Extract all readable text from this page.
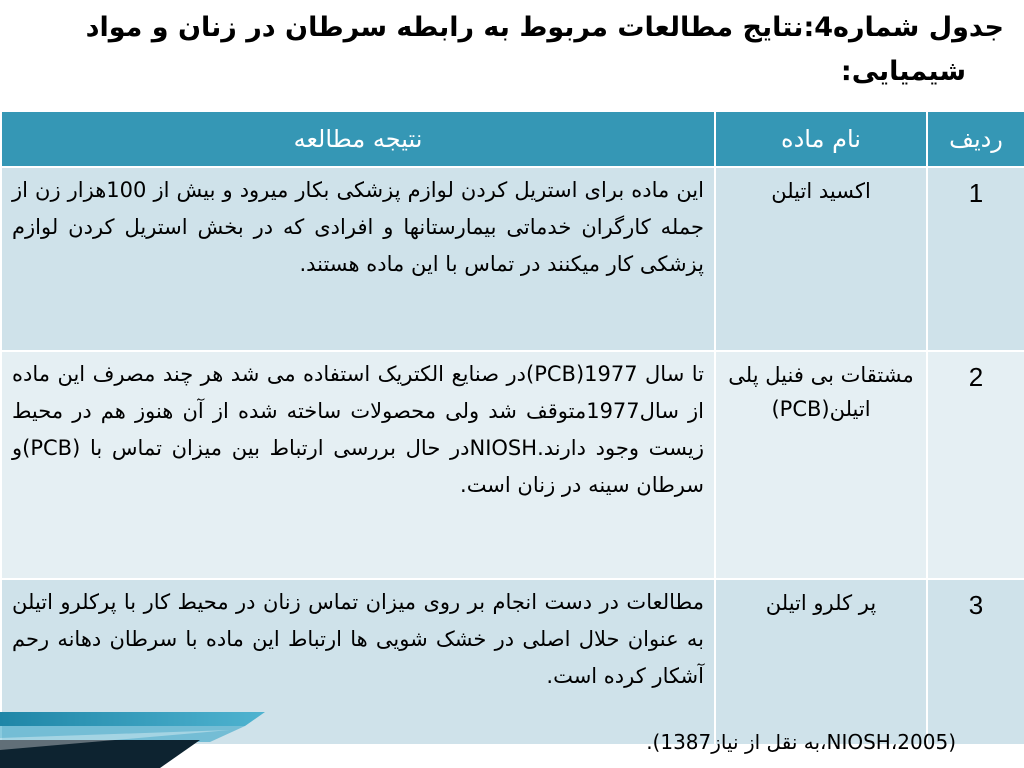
جدول شماره4:نتایج مطالعات مربوط به رابطه سرطان در زنان و مواد
شیمیایی:
ردیف	نام ماده	نتیجه مطالعه
1	اکسید اتیلن	این ماده برای استریل کردن لوازم پزشکی بکار میرود و بیش از 100هزار زن از جمله کارگران خدماتی بیمارستانها و افرادی که در بخش استریل کردن لوازم پزشکی کار میکنند در تماس با این ماده هستند.
2	مشتقات بی فنیل پلی اتیلن(PCB)	تا سال 1977(PCB)در صنایع الکتریک استفاده می شد هر چند مصرف این ماده از سال1977متوقف شد ولی محصولات ساخته شده از آن هنوز هم در محیط زیست وجود دارند.NIOSHدر حال بررسی ارتباط بین میزان تماس با (PCB)و سرطان سینه در زنان است.
3	پر کلرو اتیلن	مطالعات در دست انجام بر روی میزان تماس زنان در محیط کار با پرکلرو اتیلن به عنوان حلال اصلی در خشک شویی ها ارتباط این ماده با سرطان دهانه رحم آشکار کرده است.
(NIOSH،2005،به نقل از نیاز1387).
